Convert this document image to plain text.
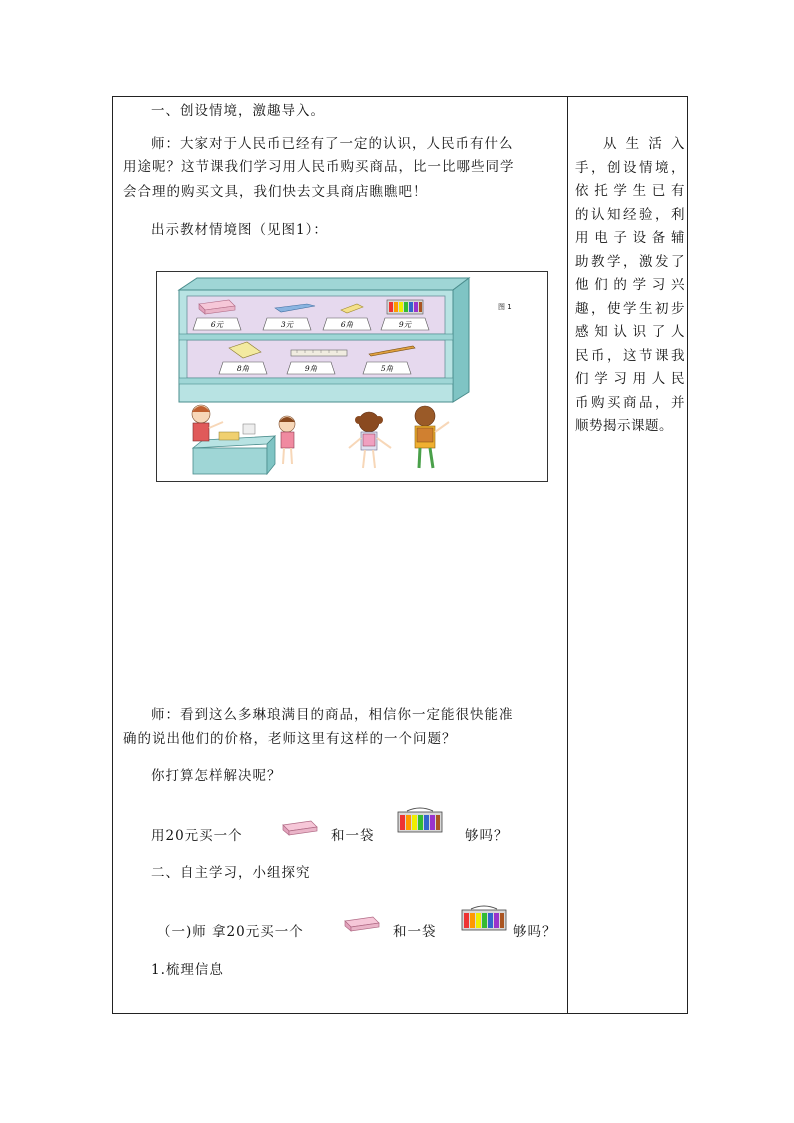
一、创设情境，激趣导入。
师：大家对于人民币已经有了一定的认识，人民币有什么
用途呢？这节课我们学习用人民币购买商品，比一比哪些同学
会合理的购买文具，我们快去文具商店瞧瞧吧！
出示教材情境图（见图1）：
6元	3元	6角	9元
8角	9角	5角
图 1
师：看到这么多琳琅满目的商品，相信你一定能很快能准
确的说出他们的价格，老师这里有这样的一个问题？
你打算怎样解决呢？
用20元买一个	和一袋	够吗？
二、自主学习，小组探究
（一)师 拿20元买一个	和一袋	够吗？
1.梳理信息
从生活入
手，创设情境，
依托学生已有
的认知经验，利
用电子设备辅
助教学，激发了
他们的学习兴
趣，使学生初步
感知认识了人
民币，这节课我
们学习用人民
币购买商品，并
顺势揭示课题。
